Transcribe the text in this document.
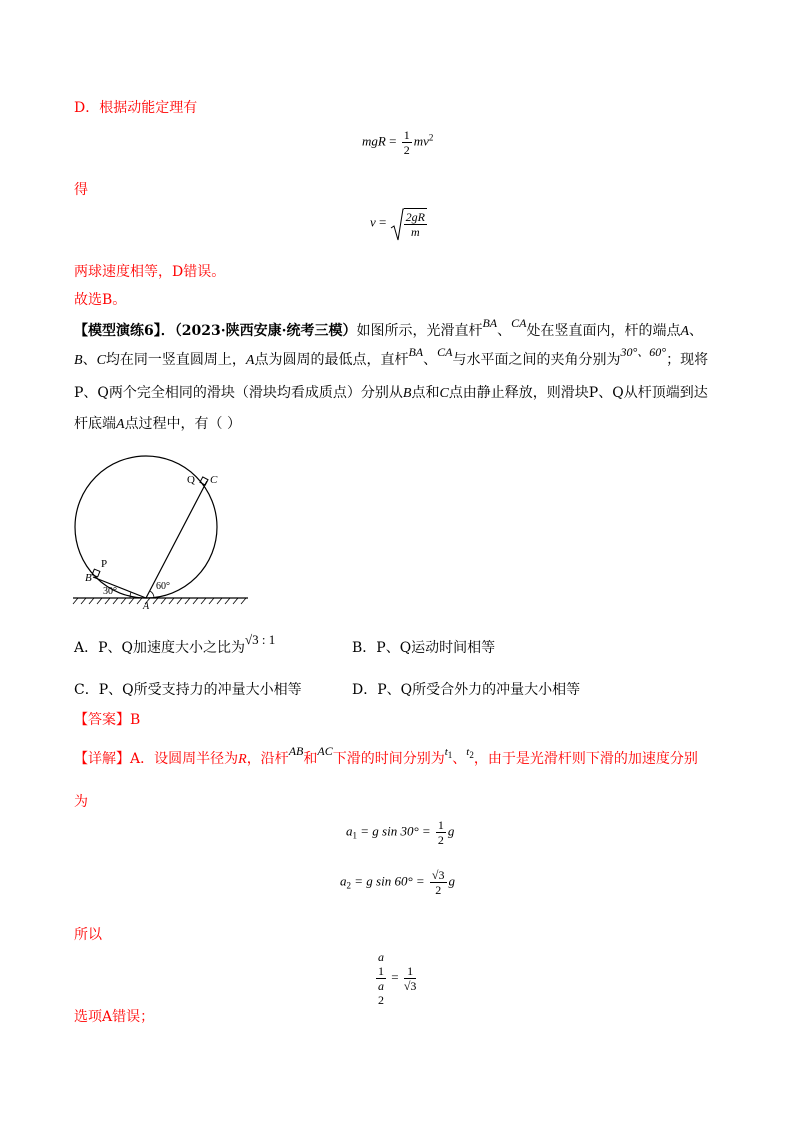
D．根据动能定理有
mgR = $\frac{1}{2} mv^2$
得
$v = \frac{2gR}{m}$
两球速度相等，D错误。
故选B。
【模型演练6】．（2023·陕西安康·统考三模）如图所示，光滑直杆BA、CA处在竖直面内，杆的端点A、
B、C均在同一竖直圆周上，A点为圆周的最低点，直杆BA、CA与水平面之间的夹角分别为30°、60°；现将
P、Q两个完全相同的滑块（滑块均看成质点）分别从B点和C点由静止释放，则滑块P、Q从杆顶端到达
杆底端A点过程中，有（ ）
Q C
P
B
A
30°	60°
A．P、Q加速度大小之比为√3 : 1
B．P、Q运动时间相等
C．P、Q所受支持力的冲量大小相等	D．P、Q所受合外力的冲量大小相等
【答案】B
【详解】A．设圆周半径为R，沿杆AB和AC下滑的时间分别为$^{t_1}$、$^{t_2}$，由于是光滑杆则下滑的加速度分别
为
$a_1 = g$ $\sin 30^\circ = \frac{1}{2}$ g
$a_2 = g$ $\sin 60^\circ = \frac{√3}{2}$ g
所以
a
1
a
$2 = \frac{1}{√3}$
选项A错误；
